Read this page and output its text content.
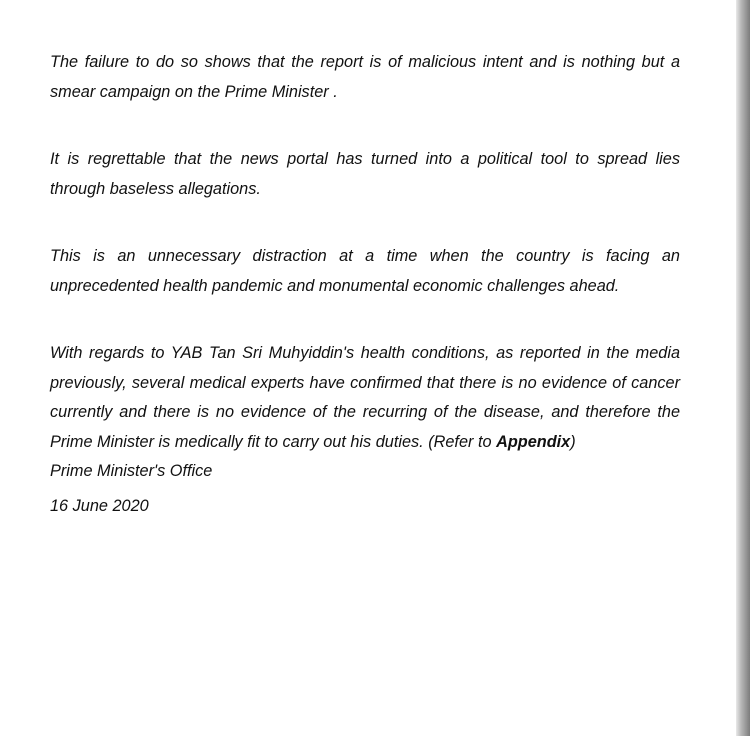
The failure to do so shows that the report is of malicious intent and is nothing but a smear campaign on the Prime Minister .

It is regrettable that the news portal has turned into a political tool to spread lies through baseless allegations.

This is an unnecessary distraction at a time when the country is facing an unprecedented health pandemic and monumental economic challenges ahead.

With regards to YAB Tan Sri Muhyiddin's health conditions, as reported in the media previously, several medical experts have confirmed that there is no evidence of cancer currently and there is no evidence of the recurring of the disease, and therefore the Prime Minister is medically fit to carry out his duties. (Refer to Appendix)

Prime Minister's Office

16 June 2020
